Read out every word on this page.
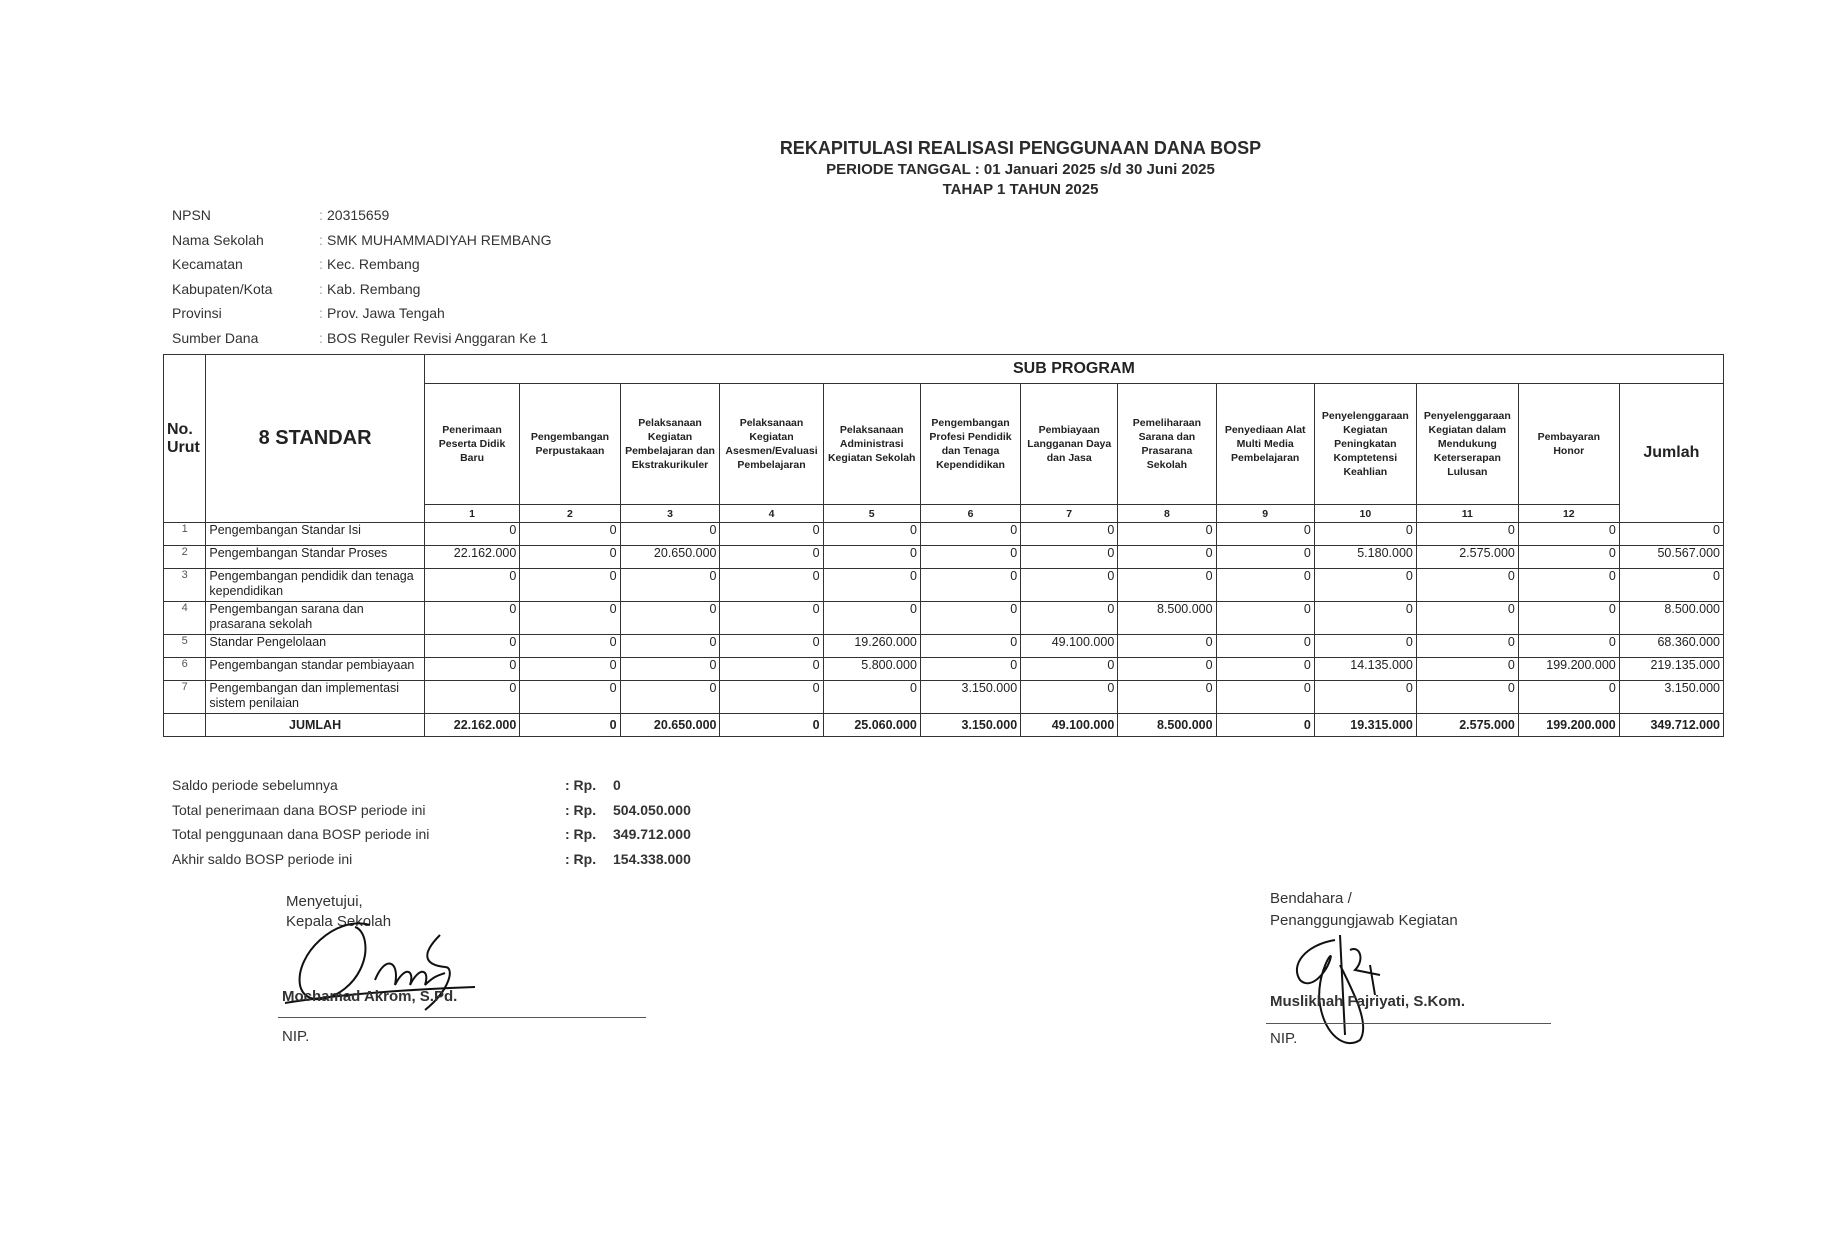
REKAPITULASI REALISASI PENGGUNAAN DANA BOSP
PERIODE TANGGAL : 01 Januari 2025 s/d 30 Juni 2025
TAHAP 1 TAHUN 2025
NPSN	: 20315659
Nama Sekolah	: SMK MUHAMMADIYAH REMBANG
Kecamatan	: Kec. Rembang
Kabupaten/Kota	: Kab. Rembang
Provinsi	: Prov. Jawa Tengah
Sumber Dana	: BOS Reguler Revisi Anggaran Ke 1
No. Urut	8 STANDAR	SUB PROGRAM												
		Penerimaan Peserta Didik Baru	Pengembangan Perpustakaan	Pelaksanaan Kegiatan Pembelajaran dan Ekstrakurikuler	Pelaksanaan Kegiatan Asesmen/Evaluasi Pembelajaran	Pelaksanaan Administrasi Kegiatan Sekolah	Pengembangan Profesi Pendidik dan Tenaga Kependidikan	Pembiayaan Langganan Daya dan Jasa	Pemeliharaan Sarana dan Prasarana Sekolah	Penyediaan Alat Multi Media Pembelajaran	Penyelenggaraan Kegiatan Peningkatan Komptetensi Keahlian	Penyelenggaraan Kegiatan dalam Mendukung Keterserapan Lulusan	Pembayaran Honor	Jumlah
		1	2	3	4	5	6	7	8	9	10	11	12	
1	Pengembangan Standar Isi	0	0	0	0	0	0	0	0	0	0	0	0	0
2	Pengembangan Standar Proses	22.162.000	0	20.650.000	0	0	0	0	0	0	5.180.000	2.575.000	0	50.567.000
3	Pengembangan pendidik dan tenaga kependidikan	0	0	0	0	0	0	0	0	0	0	0	0	0
4	Pengembangan sarana dan prasarana sekolah	0	0	0	0	0	0	0	8.500.000	0	0	0	0	8.500.000
5	Standar Pengelolaan	0	0	0	0	19.260.000	0	49.100.000	0	0	0	0	0	68.360.000
6	Pengembangan standar pembiayaan	0	0	0	0	5.800.000	0	0	0	0	14.135.000	0	199.200.000	219.135.000
7	Pengembangan dan implementasi sistem penilaian	0	0	0	0	0	3.150.000	0	0	0	0	0	0	3.150.000
	JUMLAH	22.162.000	0	20.650.000	0	25.060.000	3.150.000	49.100.000	8.500.000	0	19.315.000	2.575.000	199.200.000	349.712.000
Saldo periode sebelumnya	: Rp.	0
Total penerimaan dana BOSP periode ini	: Rp.	504.050.000
Total penggunaan dana BOSP periode ini	: Rp.	349.712.000
Akhir saldo BOSP periode ini	: Rp.	154.338.000
Menyetujui,
Kepala Sekolah
Mochamad Akrom, S.Pd.
NIP.
Bendahara /
Penanggungjawab Kegiatan
Muslikhah Fajriyati, S.Kom.
NIP.
